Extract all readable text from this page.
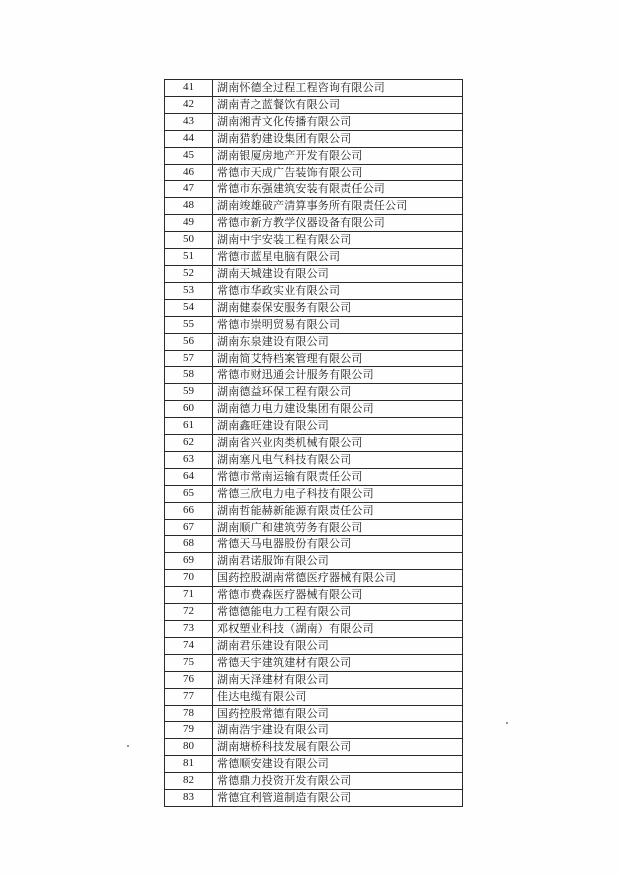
41	湖南怀德全过程工程咨询有限公司
42	湖南青之蓝餐饮有限公司
43	湖南湘青文化传播有限公司
44	湖南猎豹建设集团有限公司
45	湖南银厦房地产开发有限公司
46	常德市天成广告装饰有限公司
47	常德市东强建筑安装有限责任公司
48	湖南竣雄破产清算事务所有限责任公司
49	常德市新方教学仪器设备有限公司
50	湖南中宇安装工程有限公司
51	常德市蓝星电脑有限公司
52	湖南天城建设有限公司
53	常德市华政实业有限公司
54	湖南健泰保安服务有限公司
55	常德市崇明贸易有限公司
56	湖南东泉建设有限公司
57	湖南简艾特档案管理有限公司
58	常德市财迅通会计服务有限公司
59	湖南德益环保工程有限公司
60	湖南德力电力建设集团有限公司
61	湖南鑫旺建设有限公司
62	湖南省兴业肉类机械有限公司
63	湖南塞凡电气科技有限公司
64	常德市常南运输有限责任公司
65	常德三欣电力电子科技有限公司
66	湖南哲能赫新能源有限责任公司
67	湖南顺广和建筑劳务有限公司
68	常德天马电器股份有限公司
69	湖南君诺服饰有限公司
70	国药控股湖南常德医疗器械有限公司
71	常德市费森医疗器械有限公司
72	常德德能电力工程有限公司
73	邓权塑业科技（湖南）有限公司
74	湖南君乐建设有限公司
75	常德天宇建筑建材有限公司
76	湖南天泽建材有限公司
77	佳达电缆有限公司
78	国药控股常德有限公司
79	湖南浩宇建设有限公司
80	湖南塘桥科技发展有限公司
81	常德顺安建设有限公司
82	常德鼎力投资开发有限公司
83	常德宜利管道制造有限公司
